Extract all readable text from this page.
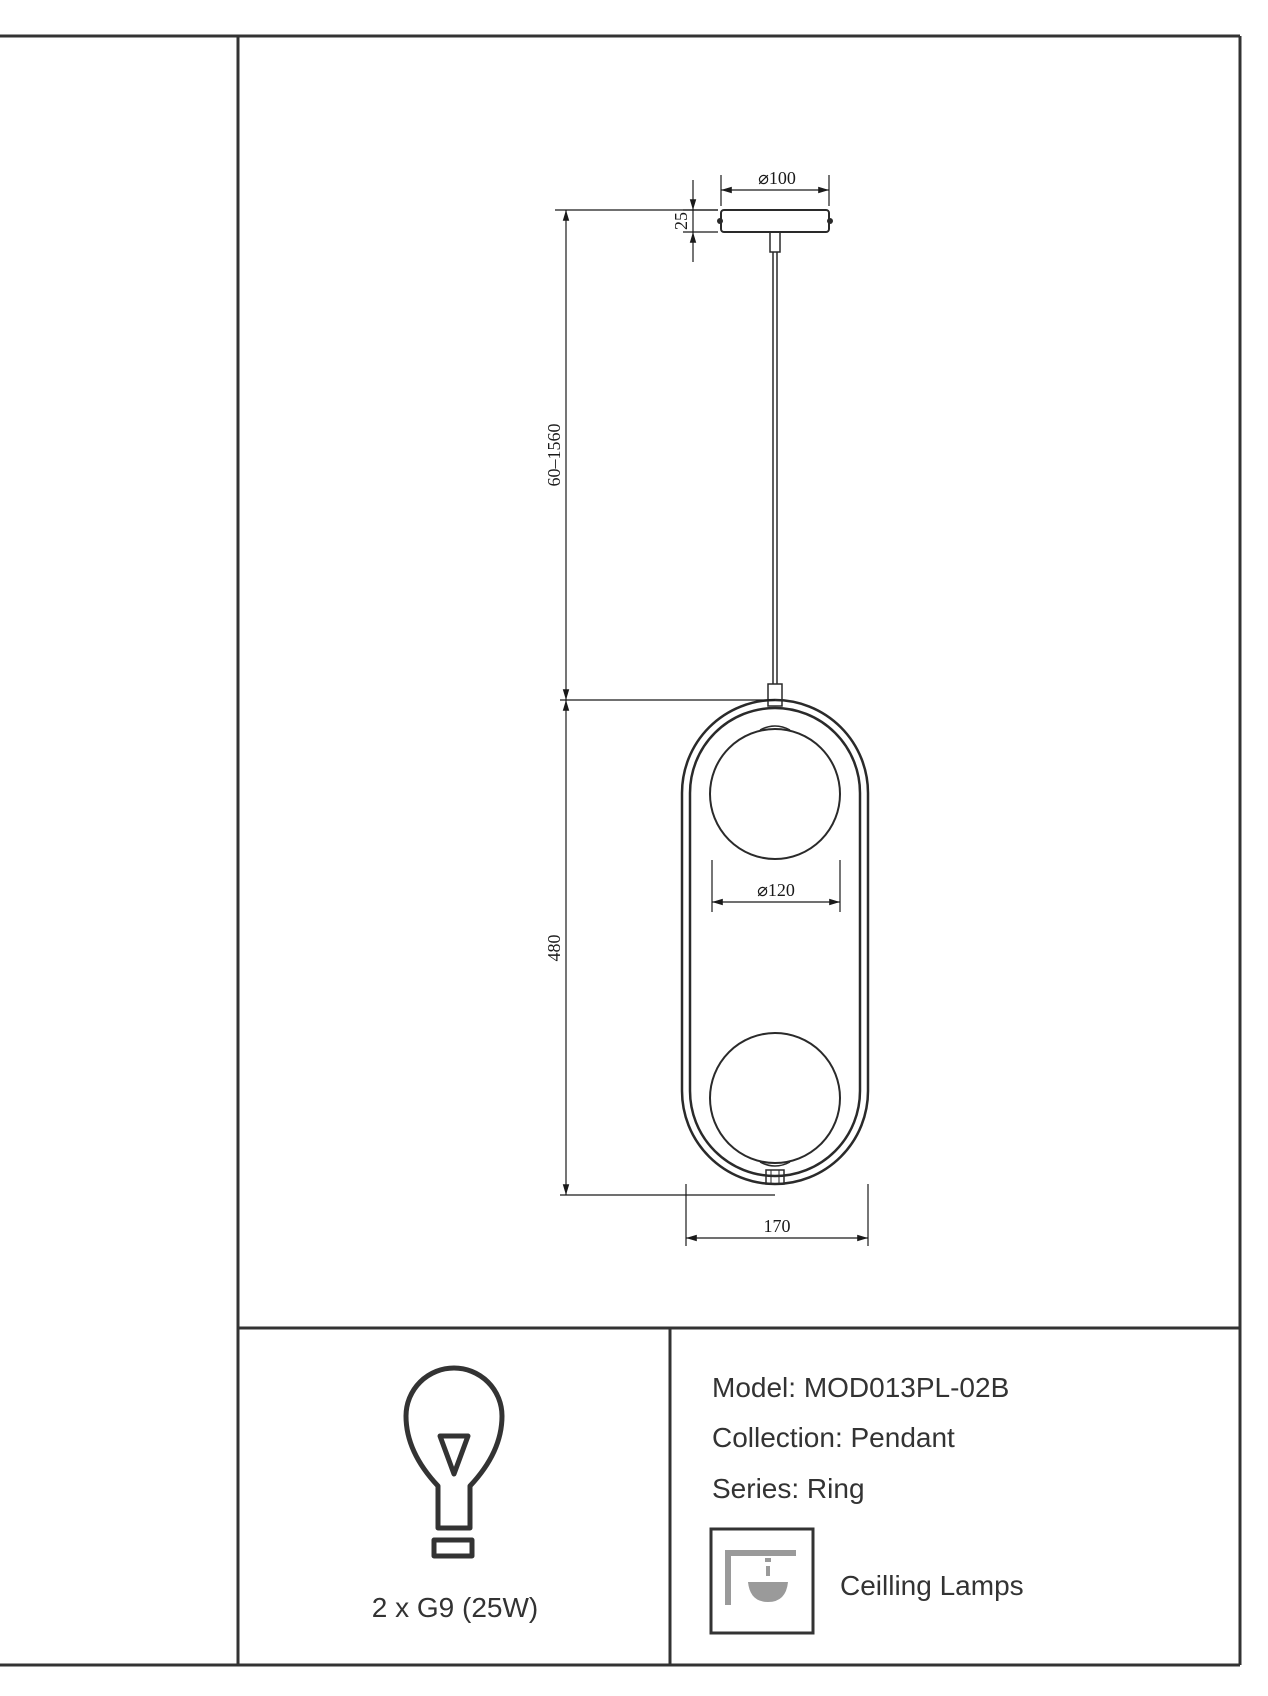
⌀100
25
60–1560
480
⌀120
170
2 x G9 (25W)
Model: MOD013PL-02B
Collection: Pendant
Series: Ring
Ceilling Lamps
